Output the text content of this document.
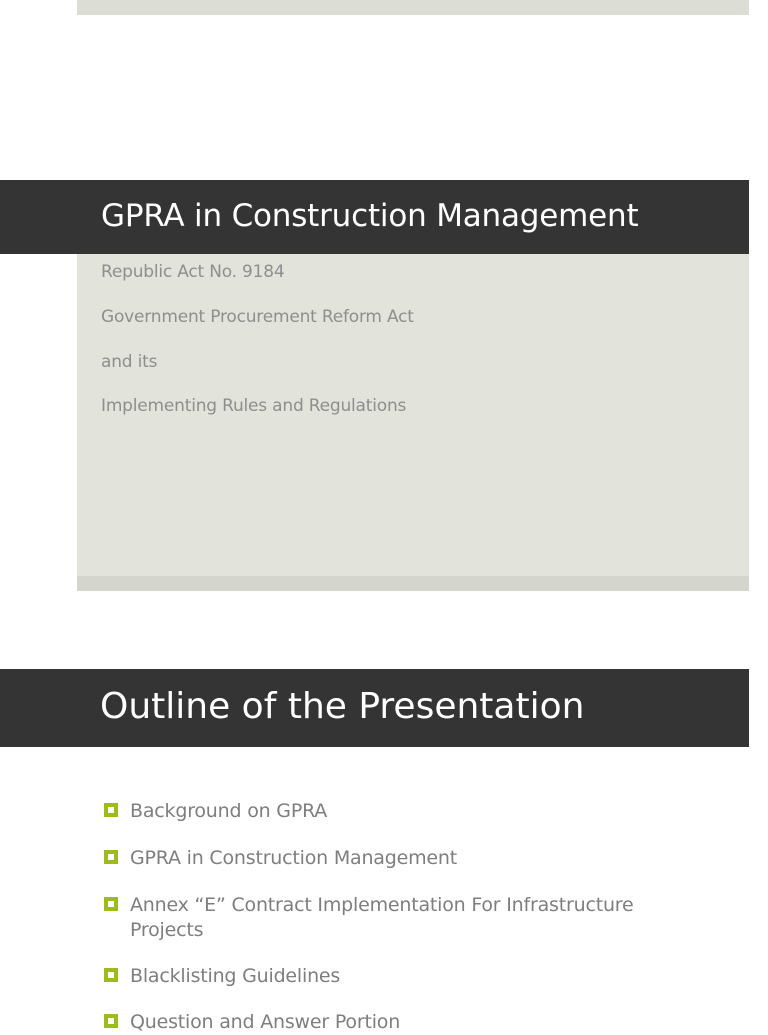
GPRA in Construction Management

Republic Act No. 9184

Government Procurement Reform Act

and its

Implementing Rules and Regulations

Outline of the Presentation
Background on GPRA
GPRA in Construction Management
Annex “E” Contract Implementation For Infrastructure Projects
Blacklisting Guidelines
Question and Answer Portion
